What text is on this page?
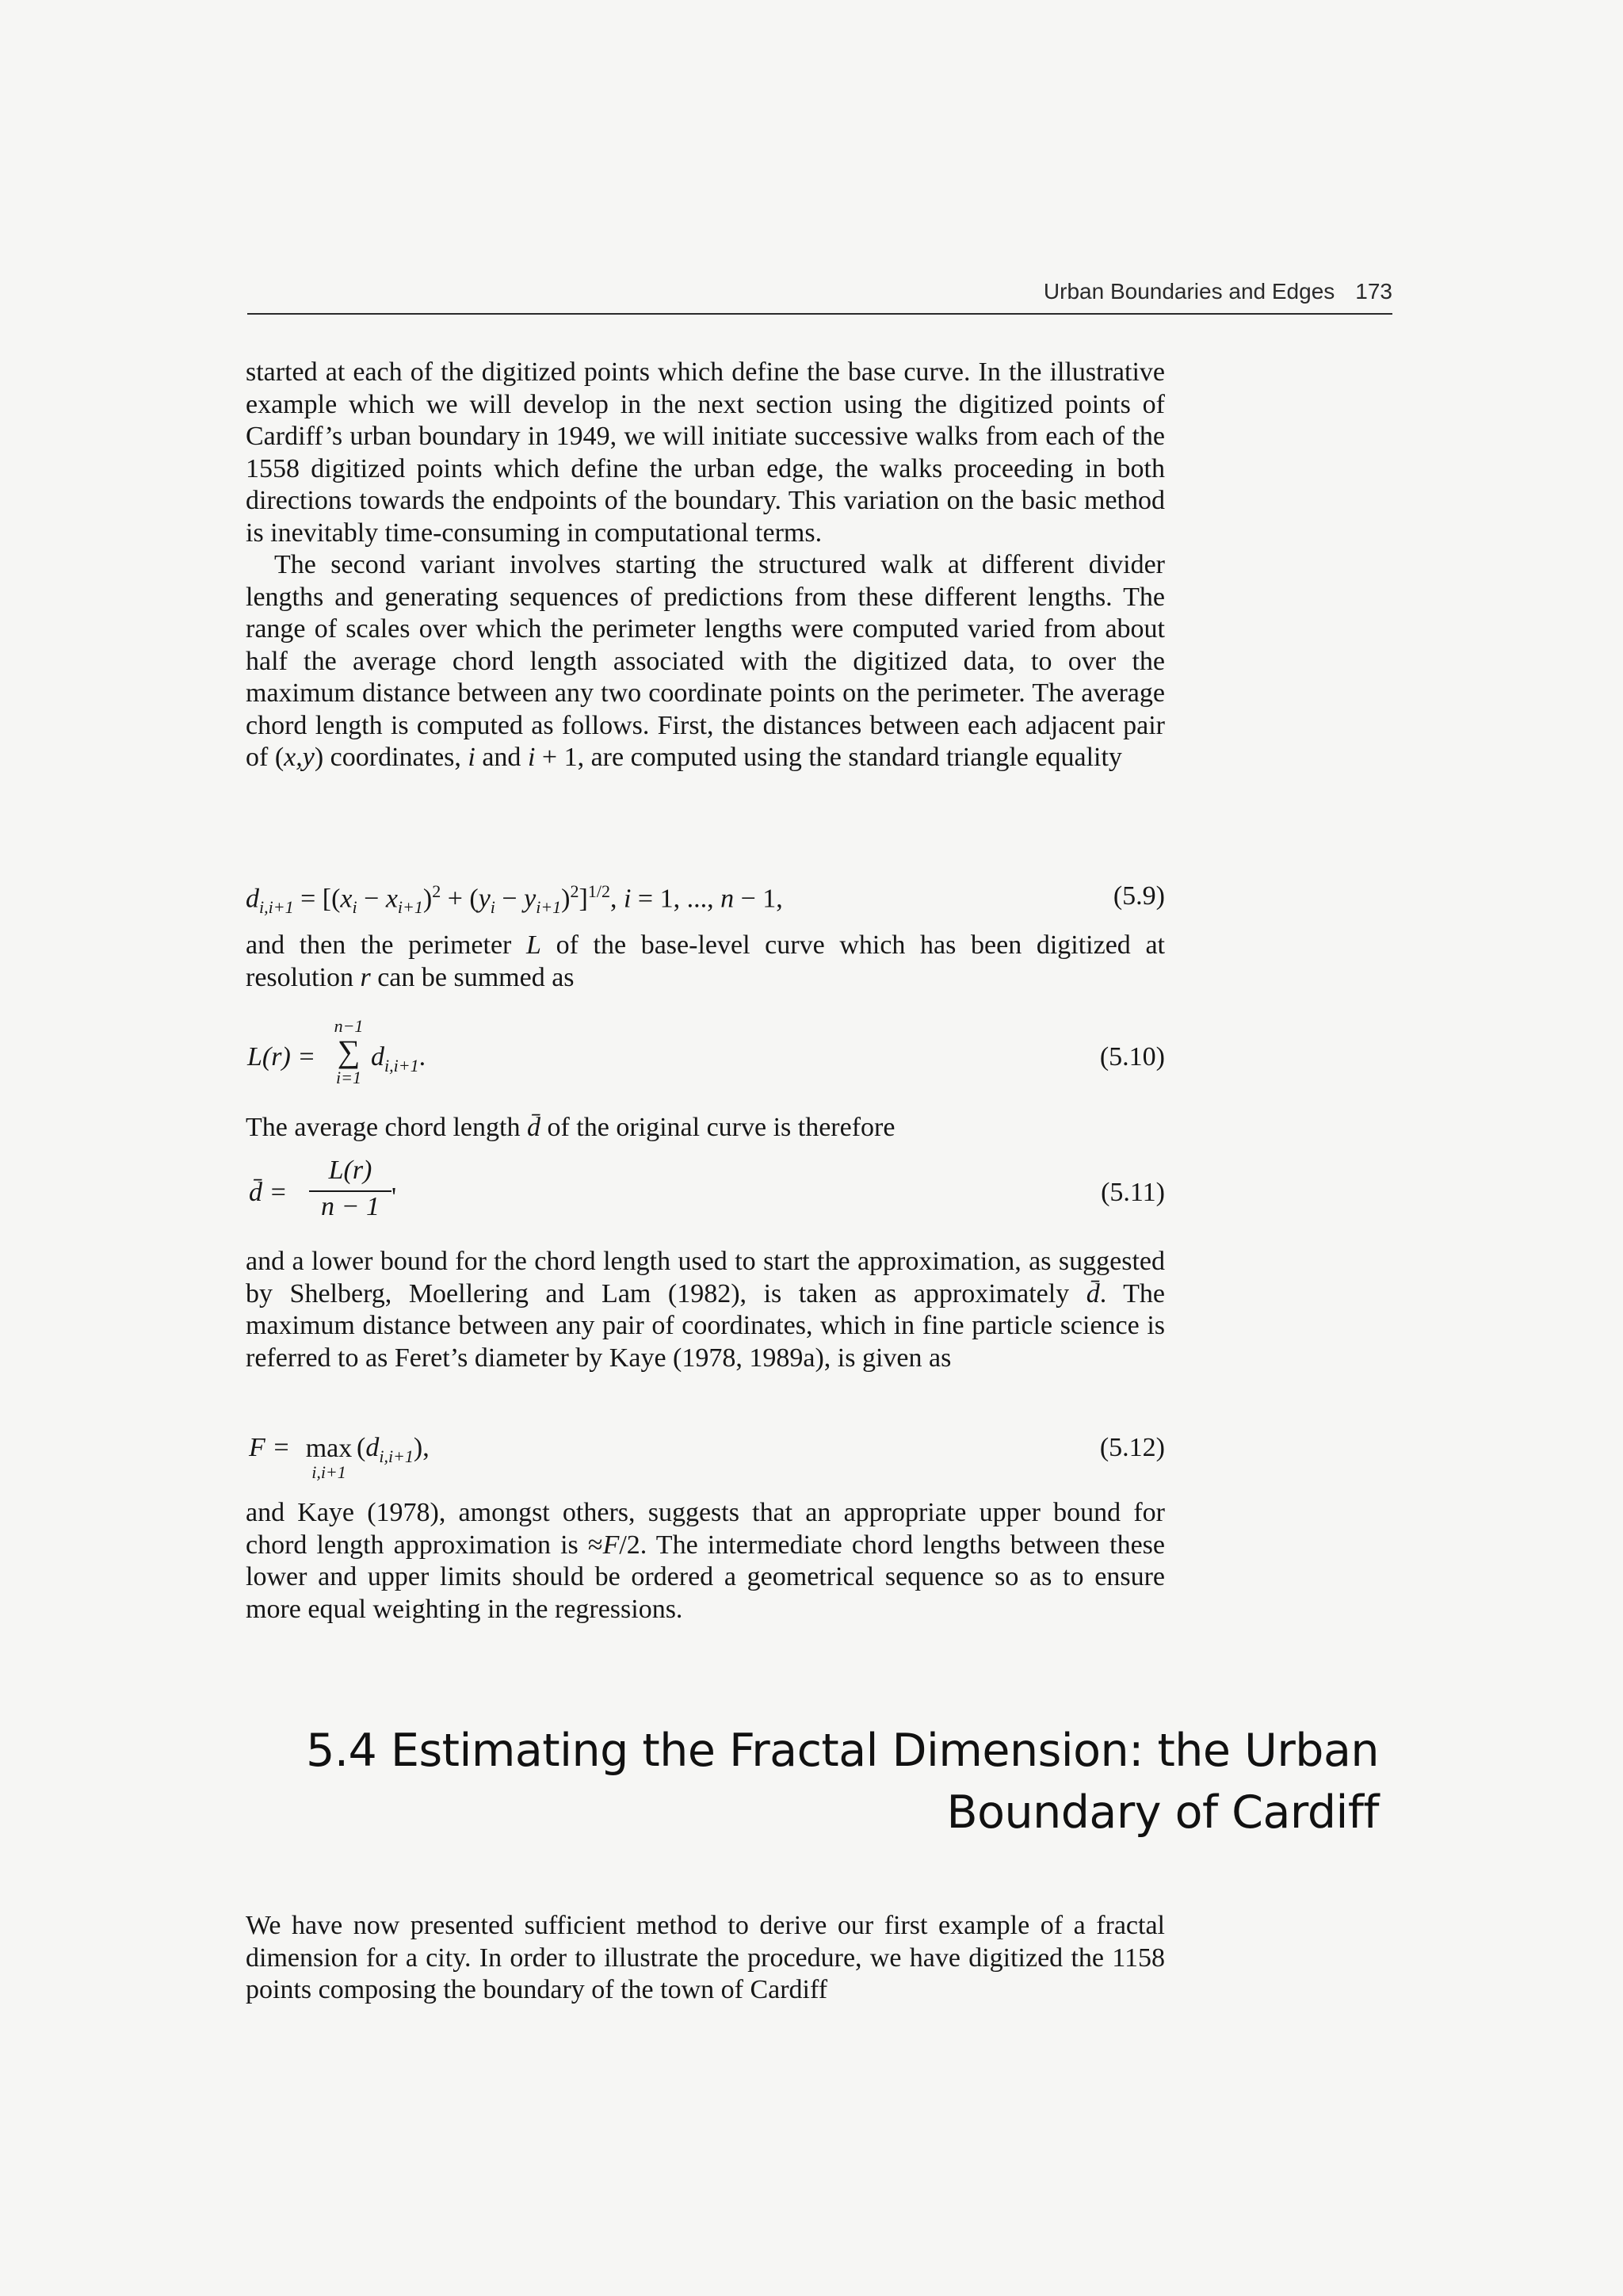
Urban Boundaries and Edges 173

started at each of the digitized points which define the base curve. In the illustrative example which we will develop in the next section using the digitized points of Cardiff’s urban boundary in 1949, we will initiate successive walks from each of the 1558 digitized points which define the urban edge, the walks proceeding in both directions towards the endpoints of the boundary. This variation on the basic method is inevitably time-consuming in computational terms.

The second variant involves starting the structured walk at different divider lengths and generating sequences of predictions from these different lengths. The range of scales over which the perimeter lengths were computed varied from about half the average chord length associated with the digitized data, to over the maximum distance between any two coordinate points on the perimeter. The average chord length is computed as follows. First, the distances between each adjacent pair of (x,y) coordinates, i and i + 1, are computed using the standard triangle equality

$d_{i,i+1} = [(x_i - x_{i+1})^2 + (y_i - y_{i+1})^2]^{1/2}$, i = 1, ..., n − 1,	(5.9)

and then the perimeter L of the base-level curve which has been digitized at resolution r can be summed as

L(r) =
n−1
∑
i=1
$d_{i,i+1}$.	(5.10)

The average chord length d̄ of the original curve is therefore

d̄ =
L(r)
n − 1 '	(5.11)

and a lower bound for the chord length used to start the approximation, as suggested by Shelberg, Moellering and Lam (1982), is taken as approximately d̄. The maximum distance between any pair of coordinates, which in fine particle science is referred to as Feret’s diameter by Kaye (1978, 1989a), is given as

F = max
i,i+1
$(d_{i,i+1})$,	(5.12)

and Kaye (1978), amongst others, suggests that an appropriate upper bound for chord length approximation is ≈F/2. The intermediate chord lengths between these lower and upper limits should be ordered a geometrical sequence so as to ensure more equal weighting in the regressions.

5.4 Estimating the Fractal Dimension: the Urban
Boundary of Cardiff

We have now presented sufficient method to derive our first example of a fractal dimension for a city. In order to illustrate the procedure, we have digitized the 1158 points composing the boundary of the town of Cardiff
